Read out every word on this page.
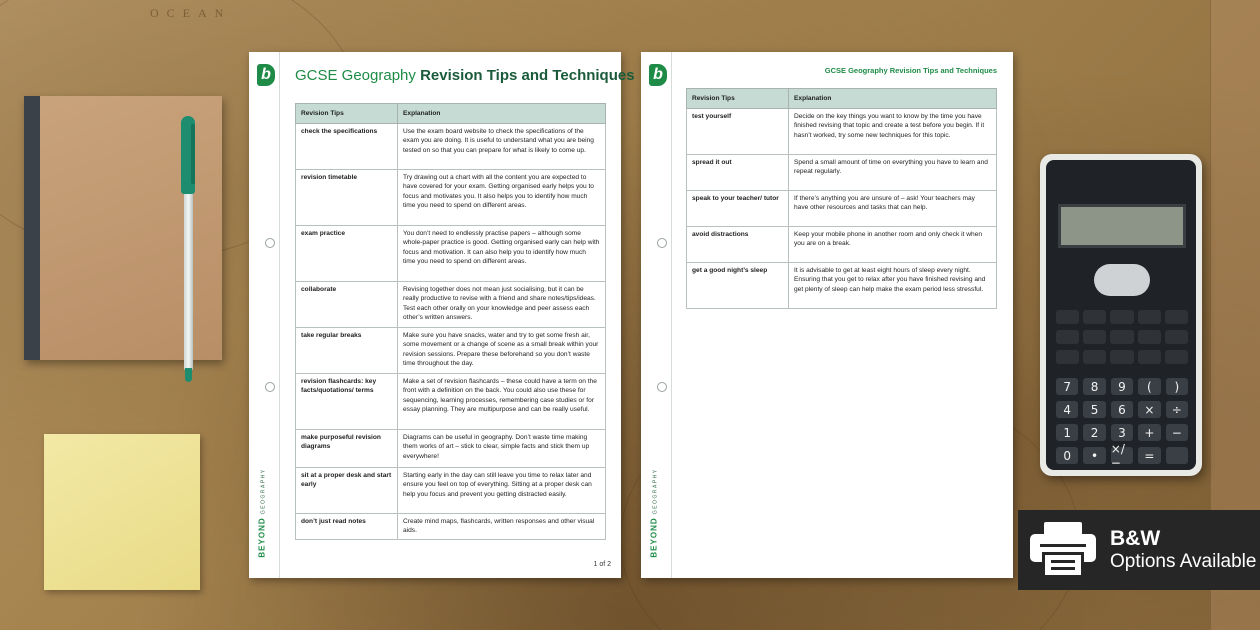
OCEAN
7	8	9	(	)
4	5	6	×	÷
1	2	3	+	−
0	•	×/−	=
b
BEYOND GEOGRAPHY
GCSE Geography Revision Tips and Techniques
Revision Tips	Explanation
check the specifications	Use the exam board website to check the specifications of the exam you are doing. It is useful to understand what you are being tested on so that you can prepare for what is likely to come up.
revision timetable	Try drawing out a chart with all the content you are expected to have covered for your exam. Getting organised early helps you to focus and motivates you. It also helps you to identify how much time you need to spend on different areas.
exam practice	You don’t need to endlessly practise papers – although some whole-paper practice is good. Getting organised early can help with focus and motivation. It can also help you to identify how much time you need to spend on different areas.
collaborate	Revising together does not mean just socialising, but it can be really productive to revise with a friend and share notes/tips/ideas. Test each other orally on your knowledge and peer assess each other’s written answers.
take regular breaks	Make sure you have snacks, water and try to get some fresh air, some movement or a change of scene as a small break within your revision sessions. Prepare these beforehand so you don’t waste time throughout the day.
revision flashcards: key facts/quotations/ terms	Make a set of revision flashcards – these could have a term on the front with a definition on the back. You could also use these for sequencing, learning processes, remembering case studies or for essay planning. They are multipurpose and can be really useful.
make purposeful revision diagrams	Diagrams can be useful in geography. Don’t waste time making them works of art – stick to clear, simple facts and stick them up everywhere!
sit at a proper desk and start early	Starting early in the day can still leave you time to relax later and ensure you feel on top of everything. Sitting at a proper desk can help you focus and prevent you getting distracted easily.
don’t just read notes	Create mind maps, flashcards, written responses and other visual aids.
1 of 2
b
BEYOND GEOGRAPHY
GCSE Geography Revision Tips and Techniques
Revision Tips	Explanation
test yourself	Decide on the key things you want to know by the time you have finished revising that topic and create a test before you begin. If it hasn’t worked, try some new techniques for this topic.
spread it out	Spend a small amount of time on everything you have to learn and repeat regularly.
speak to your teacher/ tutor	If there’s anything you are unsure of – ask! Your teachers may have other resources and tasks that can help.
avoid distractions	Keep your mobile phone in another room and only check it when you are on a break.
get a good night’s sleep	It is advisable to get at least eight hours of sleep every night. Ensuring that you get to relax after you have finished revising and get plenty of sleep can help make the exam period less stressful.
B&W
Options Available
